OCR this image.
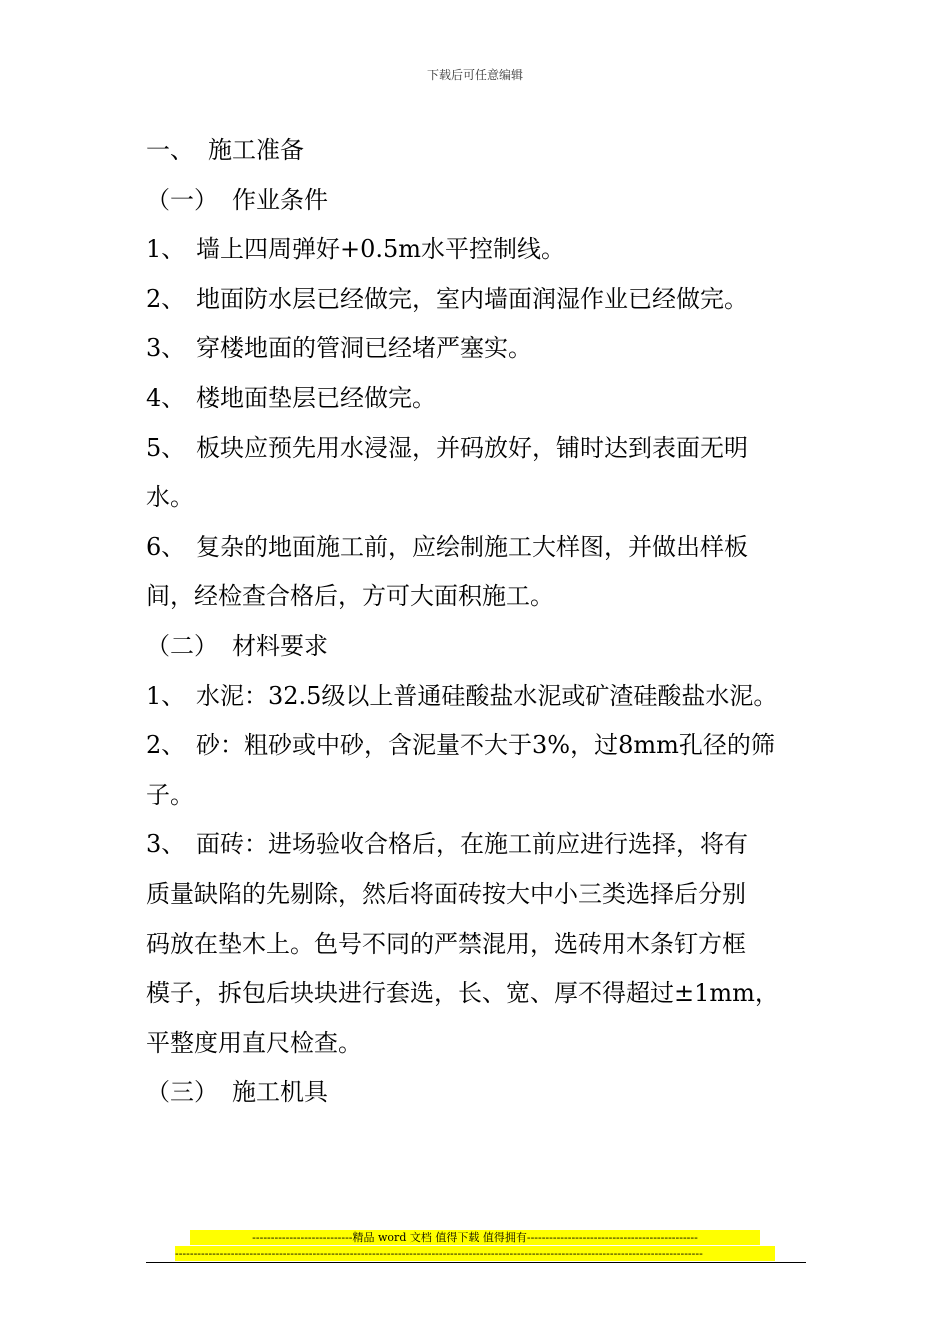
下载后可任意编辑
一、 施工准备
（一） 作业条件
1、 墙上四周弹好+0.5m水平控制线。
2、 地面防水层已经做完，室内墙面润湿作业已经做完。
3、 穿楼地面的管洞已经堵严塞实。
4、 楼地面垫层已经做完。
5、 板块应预先用水浸湿，并码放好，铺时达到表面无明
水。
6、 复杂的地面施工前，应绘制施工大样图，并做出样板
间，经检查合格后，方可大面积施工。
（二） 材料要求
1、 水泥：32.5级以上普通硅酸盐水泥或矿渣硅酸盐水泥。
2、 砂：粗砂或中砂，含泥量不大于3%，过8mm孔径的筛
子。
3、 面砖：进场验收合格后，在施工前应进行选择，将有
质量缺陷的先剔除，然后将面砖按大中小三类选择后分别
码放在垫木上。色号不同的严禁混用，选砖用木条钉方框
模子，拆包后块块进行套选，长、宽、厚不得超过±1mm，
平整度用直尺检查。
（三） 施工机具
---------------------------精品 word 文档 值得下载 值得拥有----------------------------------------------
----------------------------------------------------------------------------------------------------------------------------------------------
